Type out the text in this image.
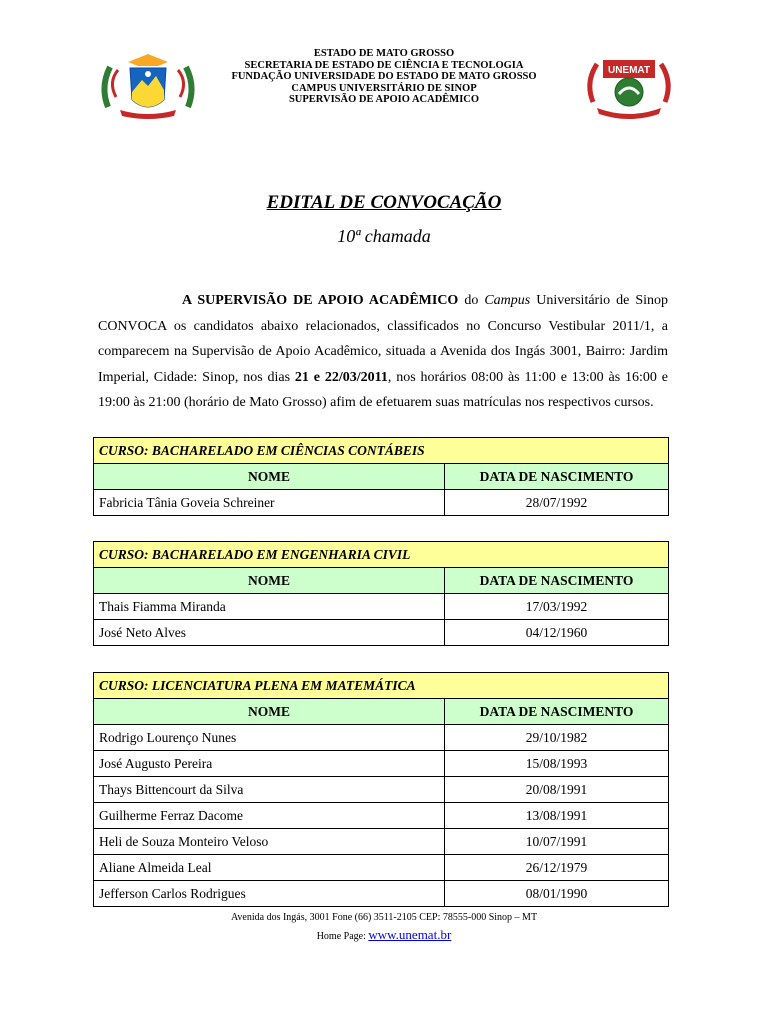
ESTADO DE MATO GROSSO
SECRETARIA DE ESTADO DE CIÊNCIA E TECNOLOGIA
FUNDAÇÃO UNIVERSIDADE DO ESTADO DE MATO GROSSO
CAMPUS UNIVERSITÁRIO DE SINOP
SUPERVISÃO DE APOIO ACADÊMICO
UNEMAT
EDITAL DE CONVOCAÇÃO
10ª chamada
A SUPERVISÃO DE APOIO ACADÊMICO do Campus Universitário de Sinop CONVOCA os candidatos abaixo relacionados, classificados no Concurso Vestibular 2011/1, a comparecem na Supervisão de Apoio Acadêmico, situada a Avenida dos Ingás 3001, Bairro: Jardim Imperial, Cidade: Sinop, nos dias 21 e 22/03/2011, nos horários 08:00 às 11:00 e 13:00 às 16:00 e 19:00 às 21:00 (horário de Mato Grosso) afim de efetuarem suas matrículas nos respectivos cursos.
CURSO: BACHARELADO EM CIÊNCIAS CONTÁBEIS	
NOME	DATA DE NASCIMENTO
Fabricia Tânia Goveia Schreiner	28/07/1992
CURSO: BACHARELADO EM ENGENHARIA CIVIL	
NOME	DATA DE NASCIMENTO
Thais Fiamma Miranda	17/03/1992
José Neto Alves	04/12/1960
CURSO: LICENCIATURA PLENA EM MATEMÁTICA	
NOME	DATA DE NASCIMENTO
Rodrigo Lourenço Nunes	29/10/1982
José Augusto Pereira	15/08/1993
Thays Bittencourt da Silva	20/08/1991
Guilherme Ferraz Dacome	13/08/1991
Heli de Souza Monteiro Veloso	10/07/1991
Aliane Almeida Leal	26/12/1979
Jefferson Carlos Rodrigues	08/01/1990
Avenida dos Ingás, 3001 Fone (66) 3511-2105 CEP: 78555-000 Sinop – MT
Home Page: www.unemat.br
